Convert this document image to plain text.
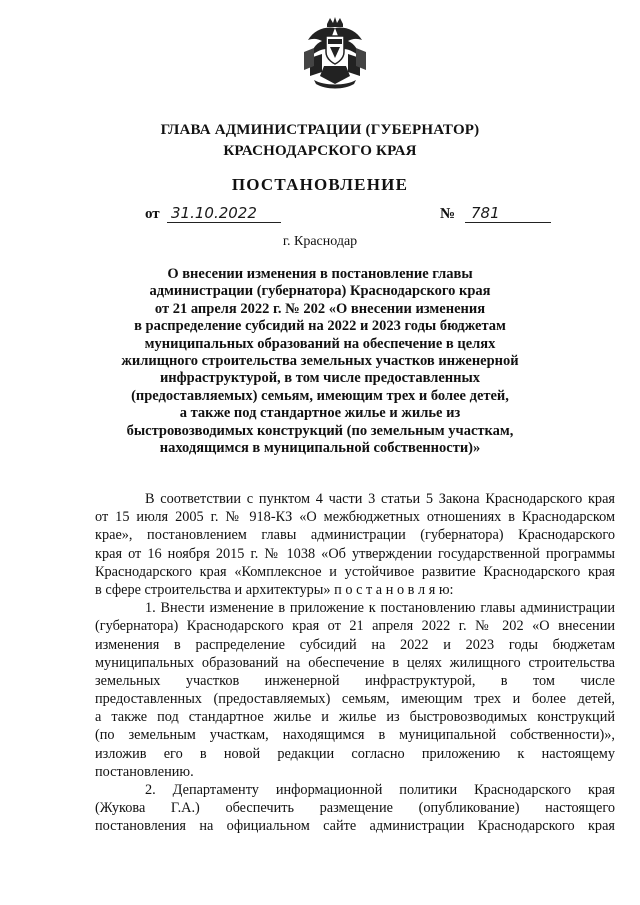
ГЛАВА АДМИНИСТРАЦИИ (ГУБЕРНАТОР)
КРАСНОДАРСКОГО КРАЯ
ПОСТАНОВЛЕНИЕ
от 31.10.2022	№	781
г. Краснодар
О внесении изменения в постановление главы
администрации (губернатора) Краснодарского края
от 21 апреля 2022 г. № 202 «О внесении изменения
в распределение субсидий на 2022 и 2023 годы бюджетам
муниципальных образований на обеспечение в целях
жилищного строительства земельных участков инженерной
инфраструктурой, в том числе предоставленных
(предоставляемых) семьям, имеющим трех и более детей,
а также под стандартное жилье и жилье из
быстровозводимых конструкций (по земельным участкам,
находящимся в муниципальной собственности)»
В соответствии с пунктом 4 части 3 статьи 5 Закона Краснодарского края
от 15 июля 2005 г. № 918-КЗ «О межбюджетных отношениях в Краснодарском
крае», постановлением главы администрации (губернатора) Краснодарского
края от 16 ноября 2015 г. № 1038 «Об утверждении государственной программы
Краснодарского края «Комплексное и устойчивое развитие Краснодарского края
в сфере строительства и архитектуры» п о с т а н о в л я ю:
1. Внести изменение в приложение к постановлению главы администрации
(губернатора) Краснодарского края от 21 апреля 2022 г. № 202 «О внесении
изменения в распределение субсидий на 2022 и 2023 годы бюджетам
муниципальных образований на обеспечение в целях жилищного строительства
земельных участков инженерной инфраструктурой, в том числе
предоставленных (предоставляемых) семьям, имеющим трех и более детей,
а также под стандартное жилье и жилье из быстровозводимых конструкций
(по земельным участкам, находящимся в муниципальной собственности)»,
изложив его в новой редакции согласно приложению к настоящему
постановлению.
2. Департаменту информационной политики Краснодарского края
(Жукова Г.А.) обеспечить размещение (опубликование) настоящего
постановления на официальном сайте администрации Краснодарского края
